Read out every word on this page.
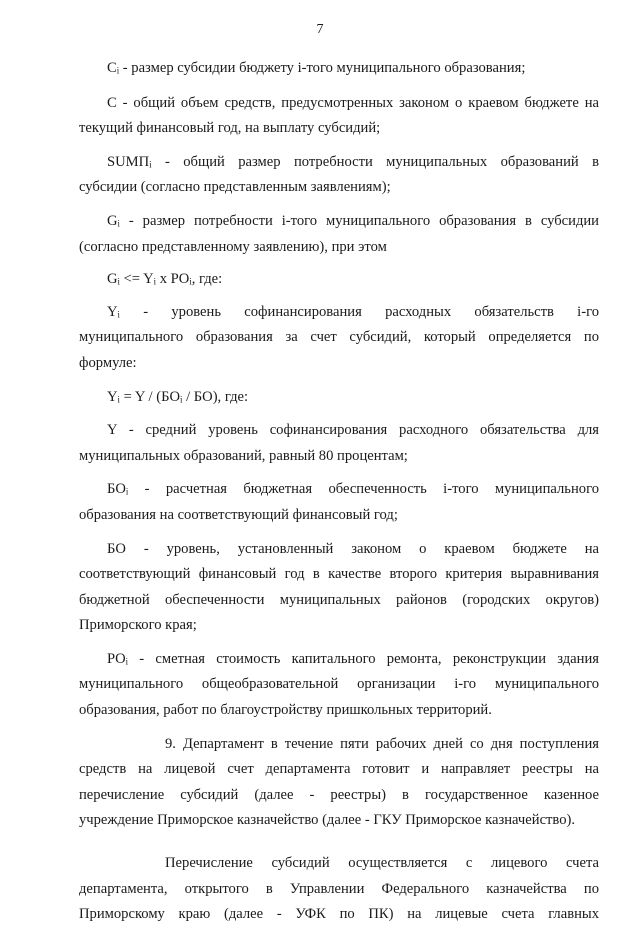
7
Cᵢ - размер субсидии бюджету i-того муниципального образования;
С - общий объем средств, предусмотренных законом о краевом бюджете на
текущий финансовый год, на выплату субсидий;
SUMПᵢ - общий размер потребности муниципальных образований в
субсидии (согласно представленным заявлениям);
Gᵢ - размер потребности i-того муниципального образования в субсидии
(согласно представленному заявлению), при этом
Gᵢ <= Yᵢ x POᵢ, где:
Yᵢ - уровень софинансирования расходных обязательств i-го
муниципального образования за счет субсидий, который определяется по
формуле:
Yᵢ = Y / (БOᵢ / БO), где:
Y - средний уровень софинансирования расходного обязательства для
муниципальных образований, равный 80 процентам;
БOᵢ - расчетная бюджетная обеспеченность i-того муниципального
образования на соответствующий финансовый год;
БO - уровень, установленный законом о краевом бюджете на
соответствующий финансовый год в качестве второго критерия выравнивания
бюджетной обеспеченности муниципальных районов (городских округов)
Приморского края;
POᵢ - сметная стоимость капитального ремонта, реконструкции здания
муниципального общеобразовательной организации i-го муниципального
образования, работ по благоустройству пришкольных территорий.
9. Департамент в течение пяти рабочих дней со дня поступления
средств на лицевой счет департамента готовит и направляет реестры на
перечисление субсидий (далее - реестры) в государственное казенное
учреждение Приморское казначейство (далее - ГКУ Приморское казначейство).
Перечисление субсидий осуществляется с лицевого счета
департамента, открытого в Управлении Федерального казначейства по
Приморскому краю (далее - УФК по ПК) на лицевые счета главных
